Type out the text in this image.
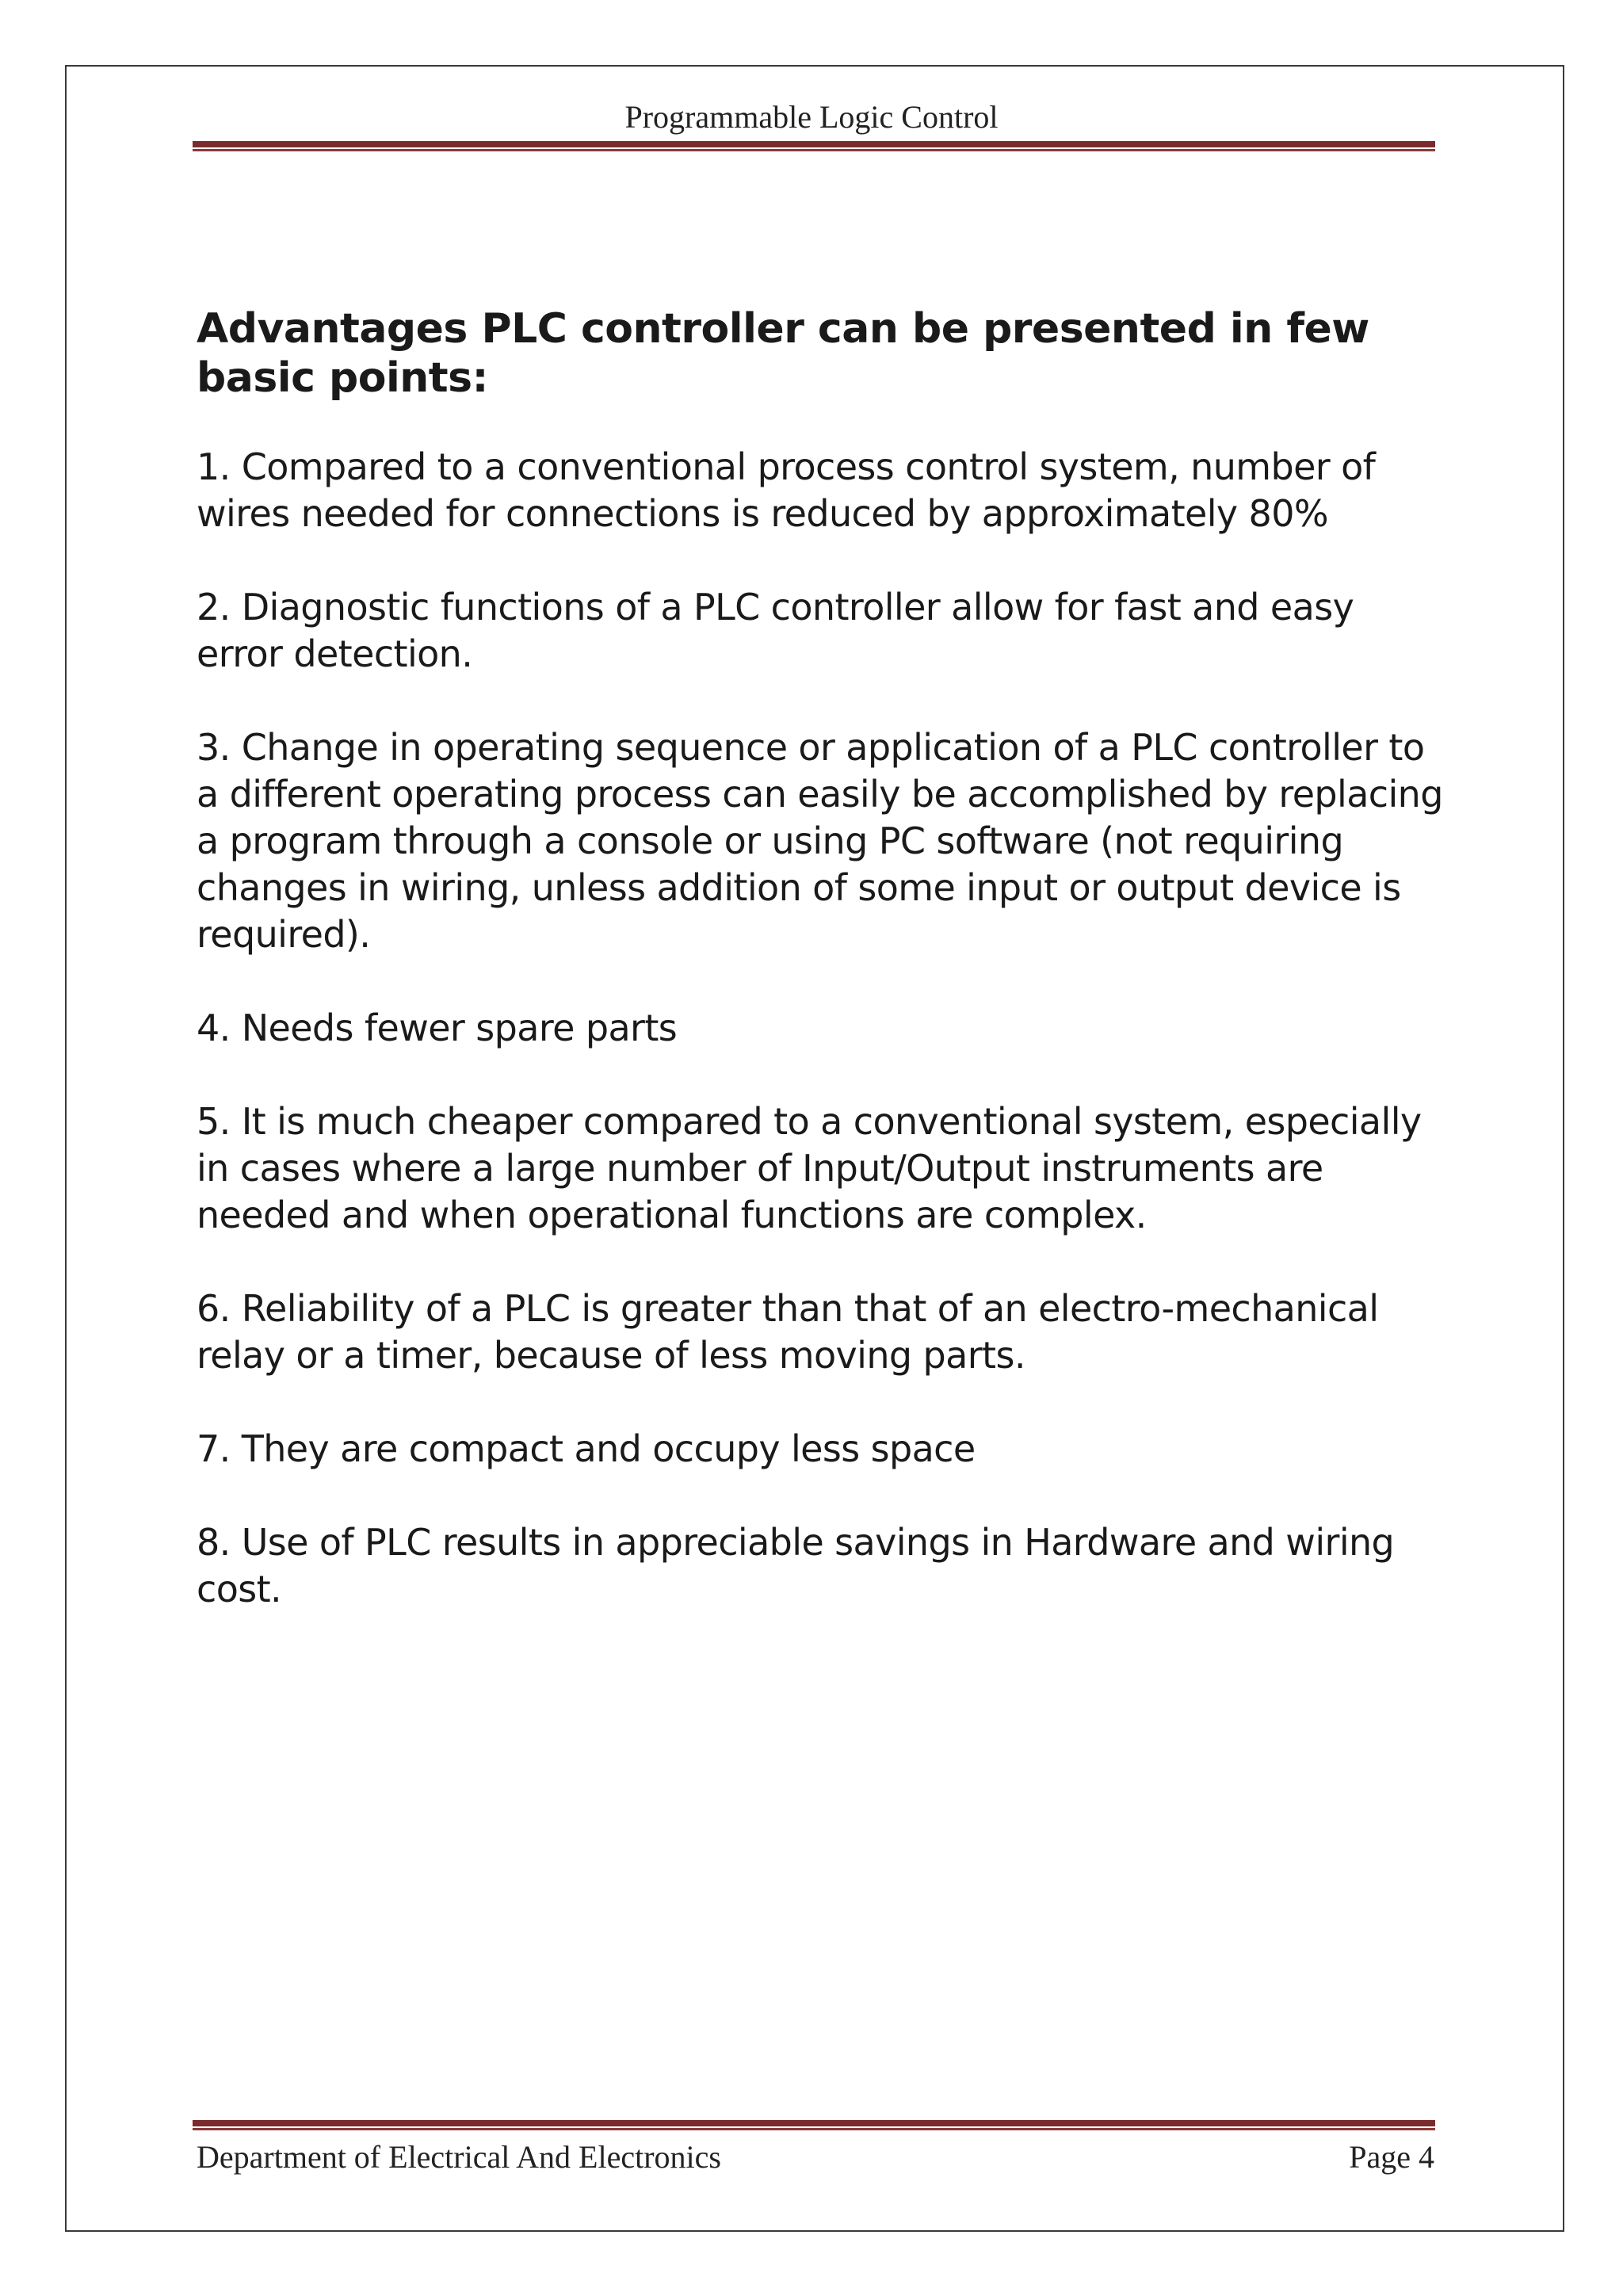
Programmable Logic Control
Advantages PLC controller can be presented in few basic points:
1. Compared to a conventional process control system, number of wires needed for connections is reduced by approximately 80%
2. Diagnostic functions of a PLC controller allow for fast and easy error detection.
3. Change in operating sequence or application of a PLC controller to a different operating process can easily be accomplished by replacing a program through a console or using PC software (not requiring changes in wiring, unless addition of some input or output device is required).
4. Needs fewer spare parts
5. It is much cheaper compared to a conventional system, especially in cases where a large number of Input/Output instruments are needed and when operational functions are complex.
6. Reliability of a PLC is greater than that of an electro-mechanical relay or a timer, because of less moving parts.
7. They are compact and occupy less space
8. Use of PLC results in appreciable savings in Hardware and wiring cost.
Department of Electrical And Electronics	Page 4
